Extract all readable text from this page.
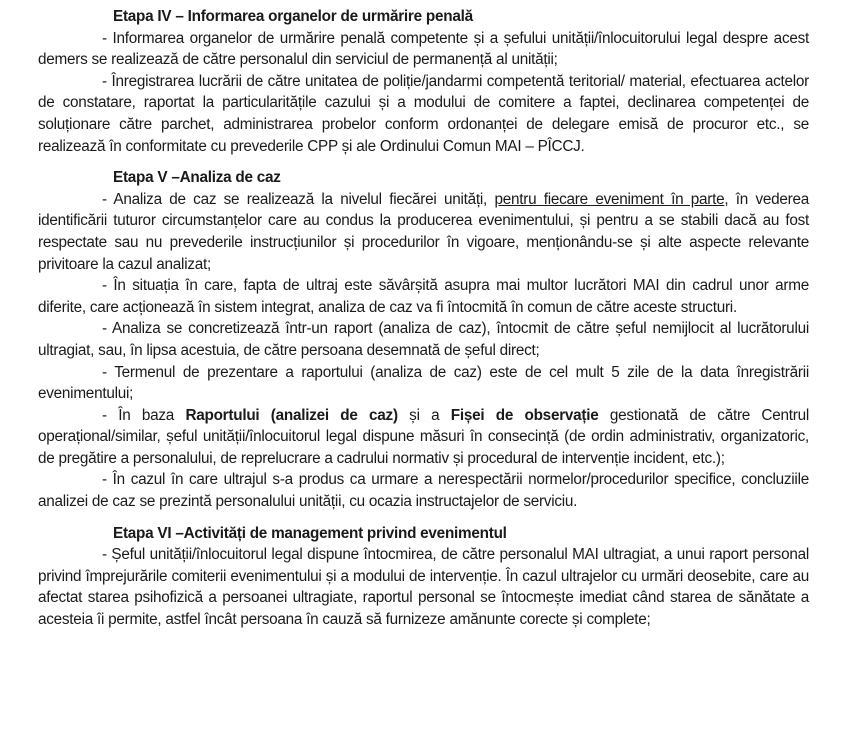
Etapa IV – Informarea organelor de urmărire penală

- Informarea organelor de urmărire penală competente și a șefului unității/înlocuitorului legal despre acest demers se realizează de către personalul din serviciul de permanență al unității;

- Înregistrarea lucrării de către unitatea de poliție/jandarmi competentă teritorial/ material, efectuarea actelor de constatare, raportat la particularitățile cazului și a modului de comitere a faptei, declinarea competenței de soluționare către parchet, administrarea probelor conform ordonanței de delegare emisă de procuror etc., se realizează în conformitate cu prevederile CPP și ale Ordinului Comun MAI – PÎCCJ.

Etapa V –Analiza de caz

- Analiza de caz se realizează la nivelul fiecărei unități, pentru fiecare eveniment în parte, în vederea identificării tuturor circumstanțelor care au condus la producerea evenimentului, și pentru a se stabili dacă au fost respectate sau nu prevederile instrucțiunilor și procedurilor în vigoare, menționându-se și alte aspecte relevante privitoare la cazul analizat;

- În situația în care, fapta de ultraj este săvârșită asupra mai multor lucrători MAI din cadrul unor arme diferite, care acționează în sistem integrat, analiza de caz va fi întocmită în comun de către aceste structuri.

- Analiza se concretizează într-un raport (analiza de caz), întocmit de către șeful nemijlocit al lucrătorului ultragiat, sau, în lipsa acestuia, de către persoana desemnată de șeful direct;

- Termenul de prezentare a raportului (analiza de caz) este de cel mult 5 zile de la data înregistrării evenimentului;

- În baza Raportului (analizei de caz) și a Fișei de observație gestionată de către Centrul operațional/similar, șeful unității/înlocuitorul legal dispune măsuri în consecință (de ordin administrativ, organizatoric, de pregătire a personalului, de reprelucrare a cadrului normativ și procedural de intervenție incident, etc.);

- În cazul în care ultrajul s-a produs ca urmare a nerespectării normelor/procedurilor specifice, concluziile analizei de caz se prezintă personalului unității, cu ocazia instructajelor de serviciu.

Etapa VI –Activități de management privind evenimentul

- Șeful unității/înlocuitorul legal dispune întocmirea, de către personalul MAI ultragiat, a unui raport personal privind împrejurările comiterii evenimentului și a modului de intervenție. În cazul ultrajelor cu urmări deosebite, care au afectat starea psihofizică a persoanei ultragiate, raportul personal se întocmește imediat când starea de sănătate a acesteia îi permite, astfel încât persoana în cauză să furnizeze amănunte corecte și complete;
